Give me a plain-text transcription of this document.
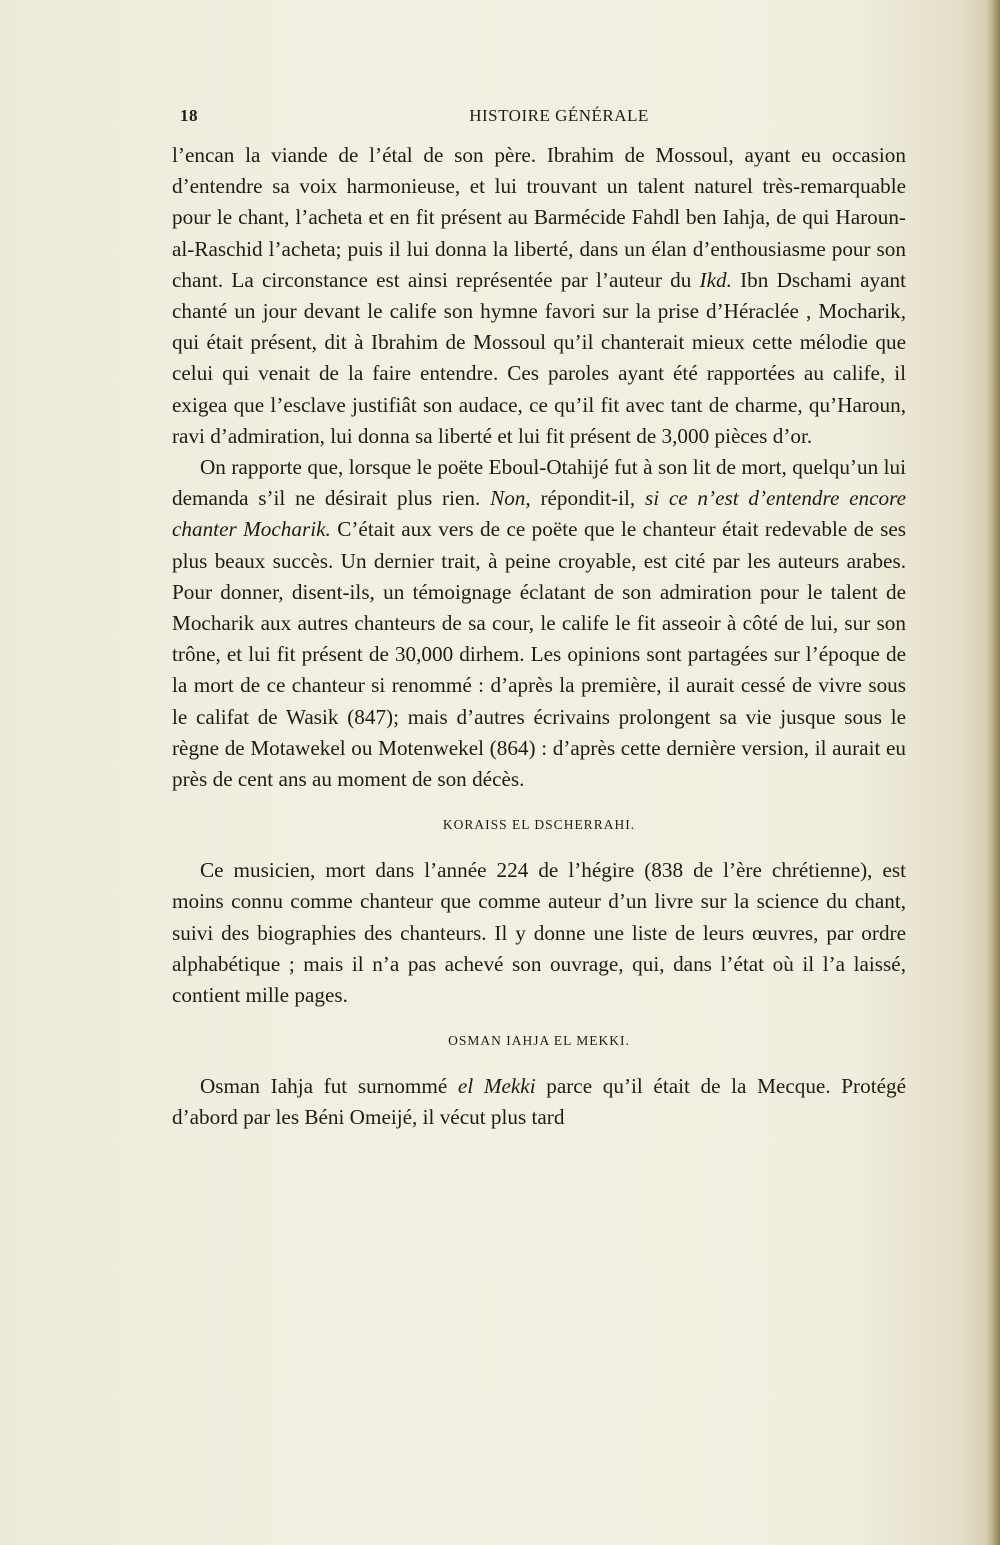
18	HISTOIRE GÉNÉRALE

l’encan la viande de l’étal de son père. Ibrahim de Mossoul, ayant eu occasion d’entendre sa voix harmonieuse, et lui trouvant un talent naturel très-remarquable pour le chant, l’acheta et en fit présent au Barmécide Fahdl ben Iahja, de qui Haroun-al-Raschid l’acheta; puis il lui donna la liberté, dans un élan d’enthousiasme pour son chant. La circonstance est ainsi représentée par l’auteur du Ikd. Ibn Dschami ayant chanté un jour devant le calife son hymne favori sur la prise d’Héraclée , Mocharik, qui était présent, dit à Ibrahim de Mossoul qu’il chanterait mieux cette mélodie que celui qui venait de la faire entendre. Ces paroles ayant été rapportées au calife, il exigea que l’esclave justifiât son audace, ce qu’il fit avec tant de charme, qu’Haroun, ravi d’admiration, lui donna sa liberté et lui fit présent de 3,000 pièces d’or.

On rapporte que, lorsque le poëte Eboul-Otahijé fut à son lit de mort, quelqu’un lui demanda s’il ne désirait plus rien. Non, répondit-il, si ce n’est d’entendre encore chanter Mocharik. C’était aux vers de ce poëte que le chanteur était redevable de ses plus beaux succès. Un dernier trait, à peine croyable, est cité par les auteurs arabes. Pour donner, disent-ils, un témoignage éclatant de son admiration pour le talent de Mocharik aux autres chanteurs de sa cour, le calife le fit asseoir à côté de lui, sur son trône, et lui fit présent de 30,000 dirhem. Les opinions sont partagées sur l’époque de la mort de ce chanteur si renommé : d’après la première, il aurait cessé de vivre sous le califat de Wasik (847); mais d’autres écrivains prolongent sa vie jusque sous le règne de Motawekel ou Motenwekel (864) : d’après cette dernière version, il aurait eu près de cent ans au moment de son décès.

KORAISS EL DSCHERRAHI.

Ce musicien, mort dans l’année 224 de l’hégire (838 de l’ère chrétienne), est moins connu comme chanteur que comme auteur d’un livre sur la science du chant, suivi des biographies des chanteurs. Il y donne une liste de leurs œuvres, par ordre alphabétique ; mais il n’a pas achevé son ouvrage, qui, dans l’état où il l’a laissé, contient mille pages.

OSMAN IAHJA EL MEKKI.

Osman Iahja fut surnommé el Mekki parce qu’il était de la Mecque. Protégé d’abord par les Béni Omeijé, il vécut plus tard
